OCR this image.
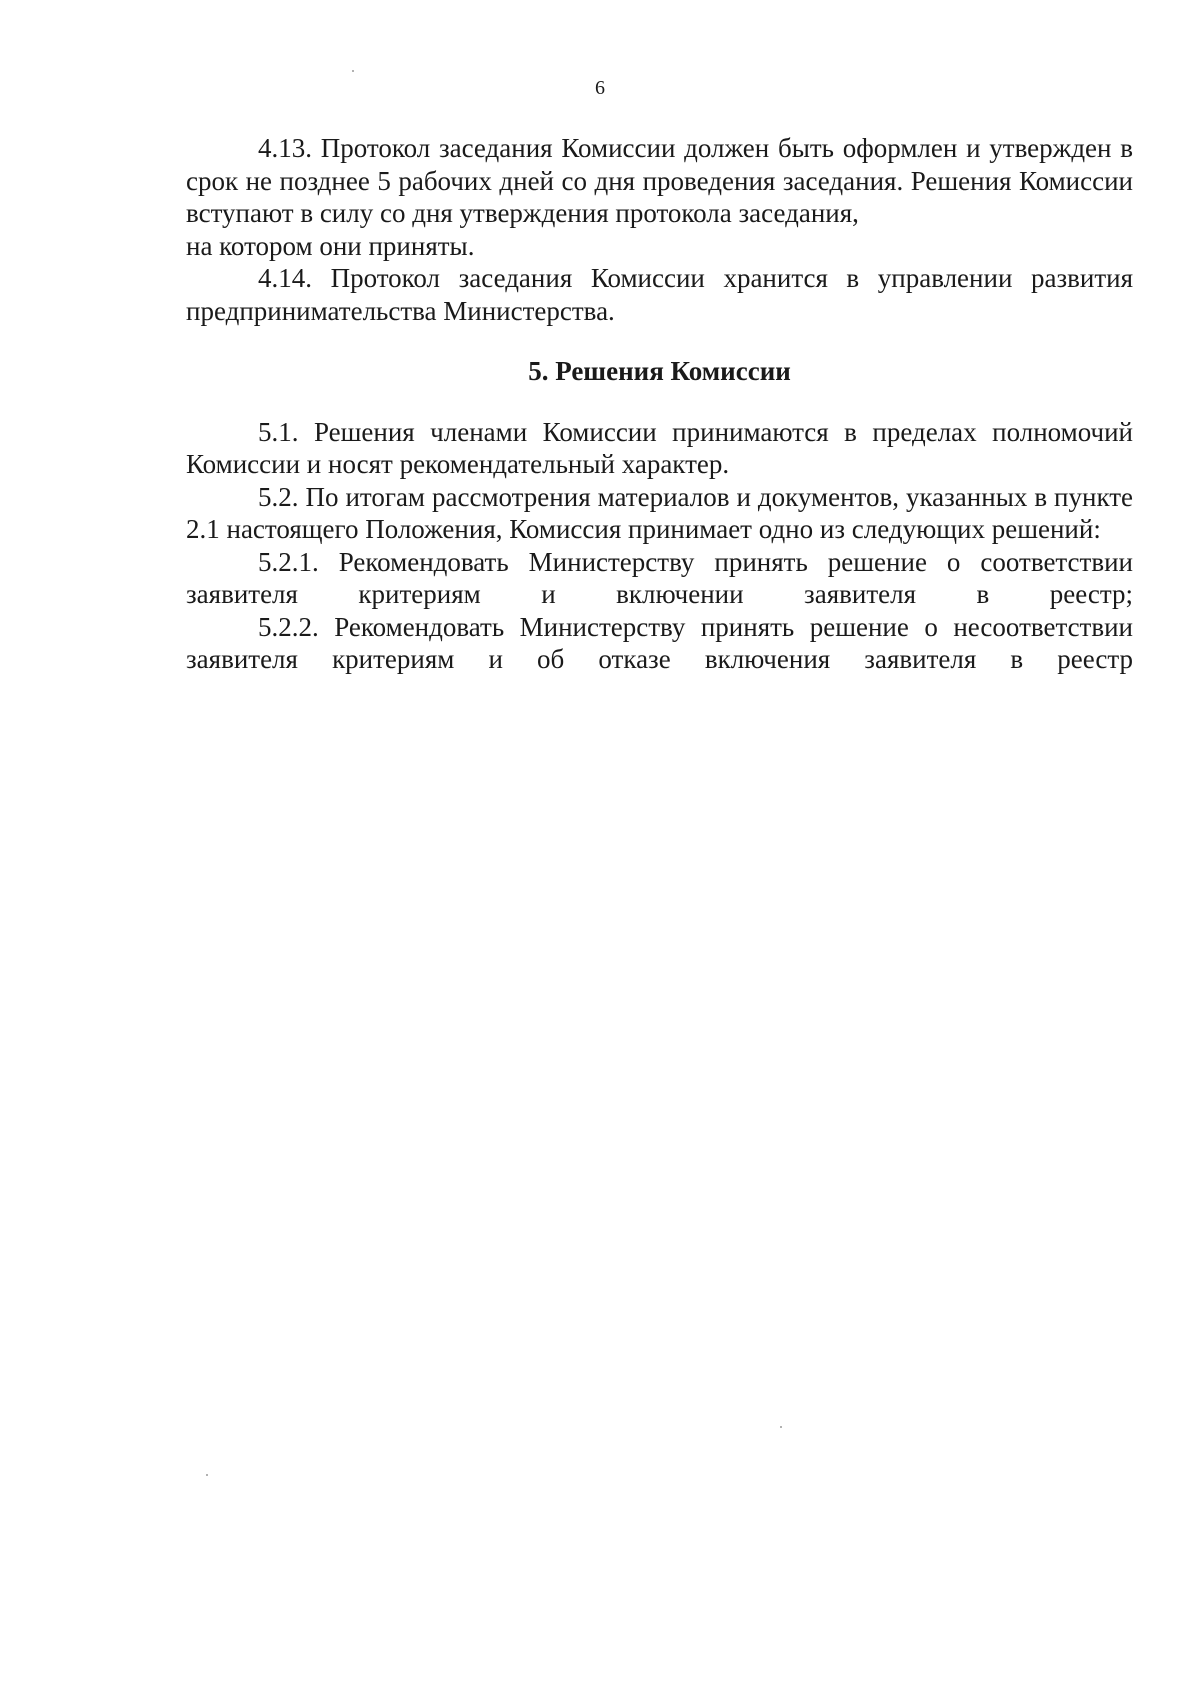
6

4.13. Протокол заседания Комиссии должен быть оформлен и утвержден в срок не позднее 5 рабочих дней со дня проведения заседания. Решения Комиссии вступают в силу со дня утверждения протокола заседания,

на котором они приняты.

4.14. Протокол заседания Комиссии хранится в управлении развития предпринимательства Министерства.

5. Решения Комиссии

5.1. Решения членами Комиссии принимаются в пределах полномочий Комиссии и носят рекомендательный характер.

5.2. По итогам рассмотрения материалов и документов, указанных в пункте 2.1 настоящего Положения, Комиссия принимает одно из следующих решений:

5.2.1. Рекомендовать Министерству принять решение о соответствии заявителя критериям и включении заявителя в реестр;

5.2.2. Рекомендовать Министерству принять решение о несоответствии заявителя критериям и об отказе включения заявителя в реестр
